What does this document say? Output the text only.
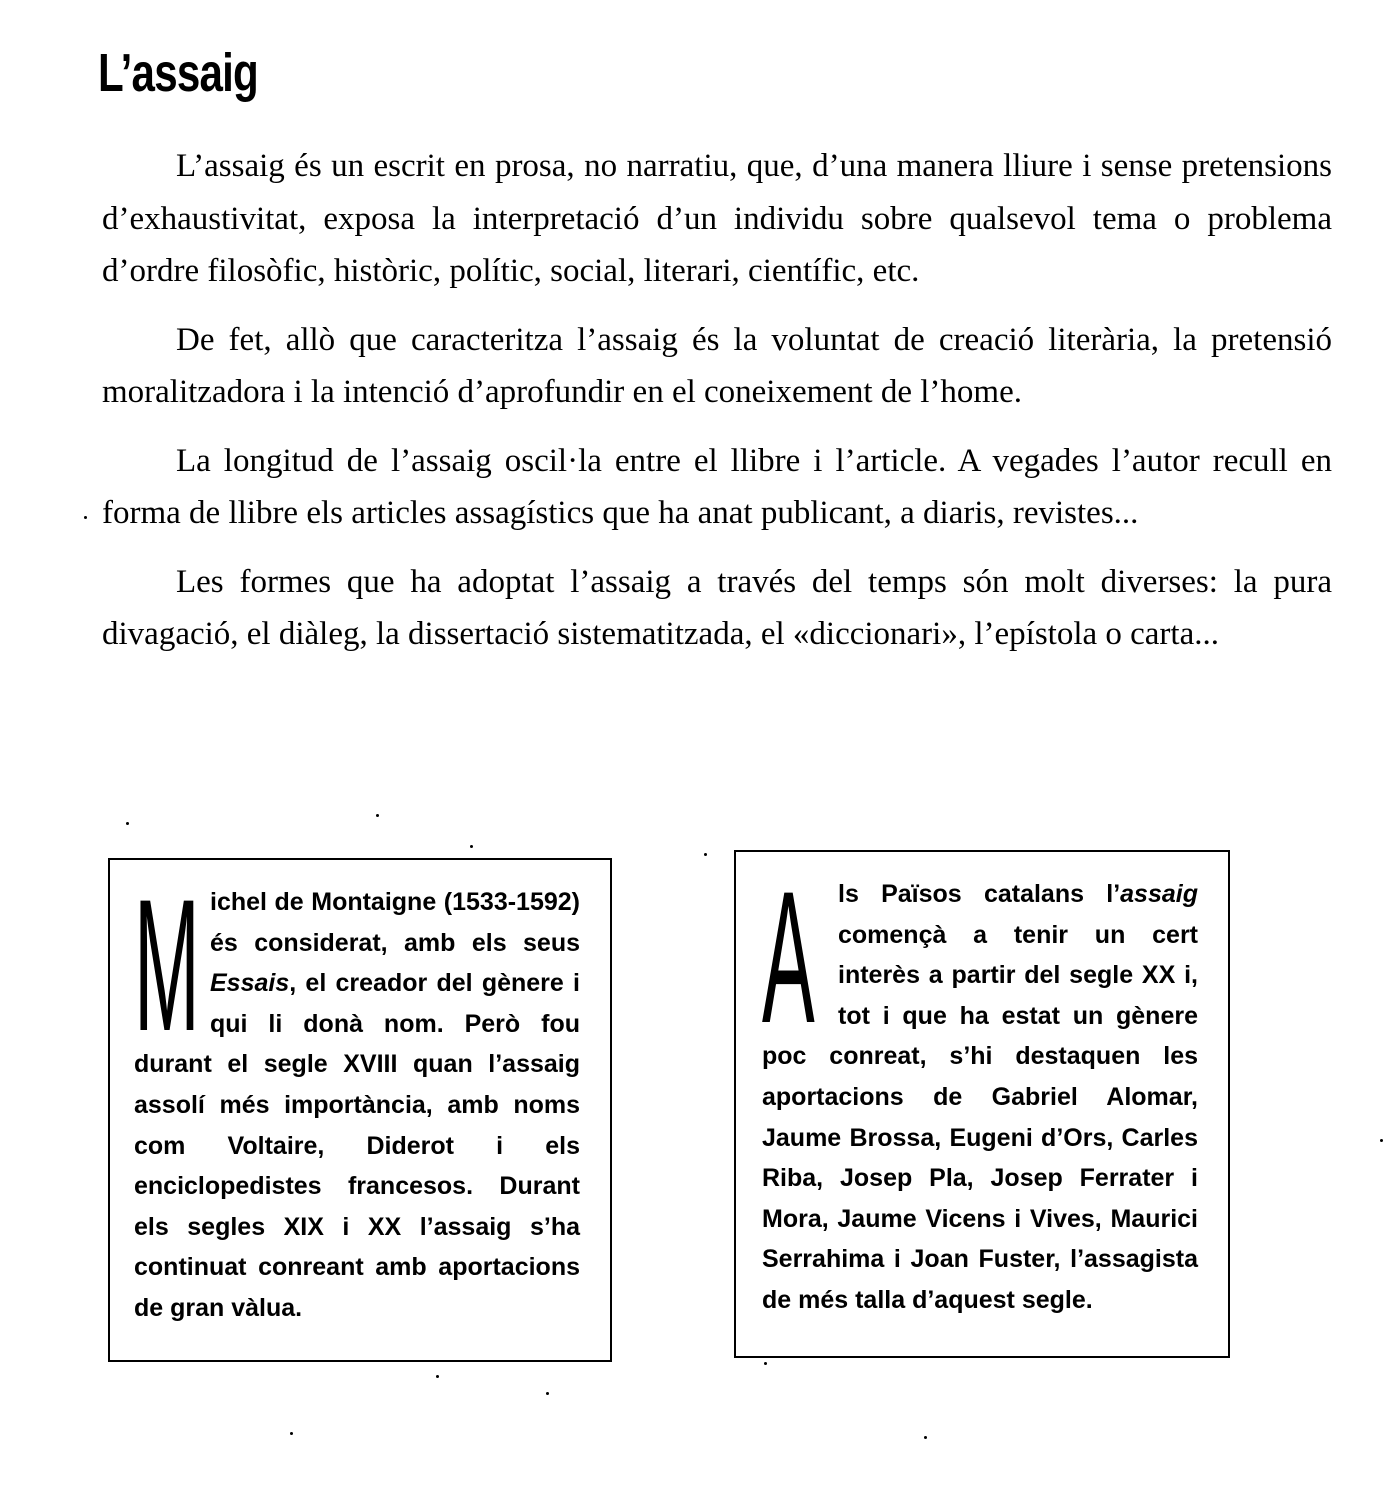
L’assaig

L’assaig és un escrit en prosa, no narratiu, que, d’una manera lliure i sense pretensions d’exhaustivitat, exposa la interpretació d’un individu sobre qualsevol tema o problema d’ordre filosòfic, històric, polític, social, literari, científic, etc.

De fet, allò que caracteritza l’assaig és la voluntat de creació literària, la pretensió moralitzadora i la intenció d’aprofundir en el coneixement de l’home.

La longitud de l’assaig oscil·la entre el llibre i l’article. A vegades l’autor recull en forma de llibre els articles assagístics que ha anat publicant, a diaris, revistes...

Les formes que ha adoptat l’assaig a través del temps són molt diverses: la pura divagació, el diàleg, la dissertació sistematitzada, el «diccionari», l’epístola o carta...

M ichel de Montaigne (1533-1592) és considerat, amb els seus Essais, el creador del gènere i qui li donà nom. Però fou durant el segle XVIII quan l’assaig assolí més importància, amb noms com Voltaire, Diderot i els enciclopedistes francesos. Durant els segles XIX i XX l’assaig s’ha continuat conreant amb aportacions de gran vàlua.

A ls Països catalans l’assaig començà a tenir un cert interès a partir del segle XX i, tot i que ha estat un gènere poc conreat, s’hi destaquen les aportacions de Gabriel Alomar, Jaume Brossa, Eugeni d’Ors, Carles Riba, Josep Pla, Josep Ferrater i Mora, Jaume Vicens i Vives, Maurici Serrahima i Joan Fuster, l’assagista de més talla d’aquest segle.
